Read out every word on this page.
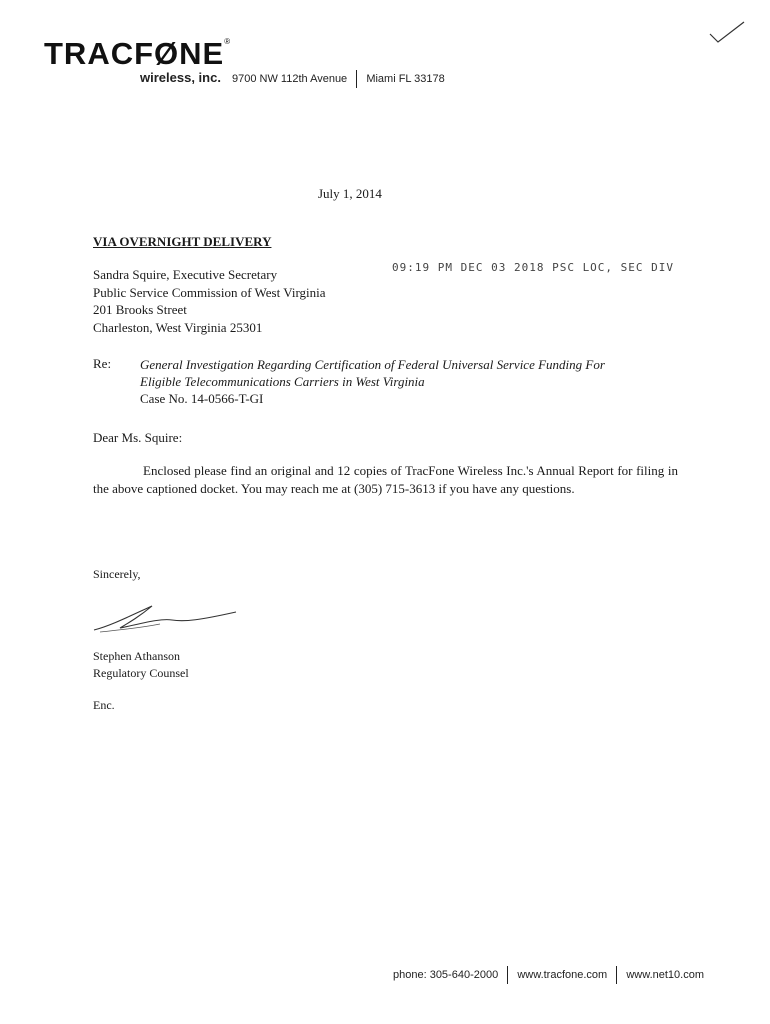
TRACFØNE®
wireless, inc. 9700 NW 112th Avenue Miami FL 33178
July 1, 2014
VIA OVERNIGHT DELIVERY
09:19 PM DEC 03 2018 PSC LOC, SEC DIV
Sandra Squire, Executive Secretary
Public Service Commission of West Virginia
201 Brooks Street
Charleston, West Virginia 25301
Re: General Investigation Regarding Certification of Federal Universal Service Funding For
Eligible Telecommunications Carriers in West Virginia
Case No. 14-0566-T-GI
Dear Ms. Squire:
Enclosed please find an original and 12 copies of TracFone Wireless Inc.'s Annual Report for filing in the above captioned docket. You may reach me at (305) 715-3613 if you have any questions.
Sincerely,
Stephen Athanson
Regulatory Counsel
Enc.
phone: 305-640-2000 www.tracfone.com www.net10.com
